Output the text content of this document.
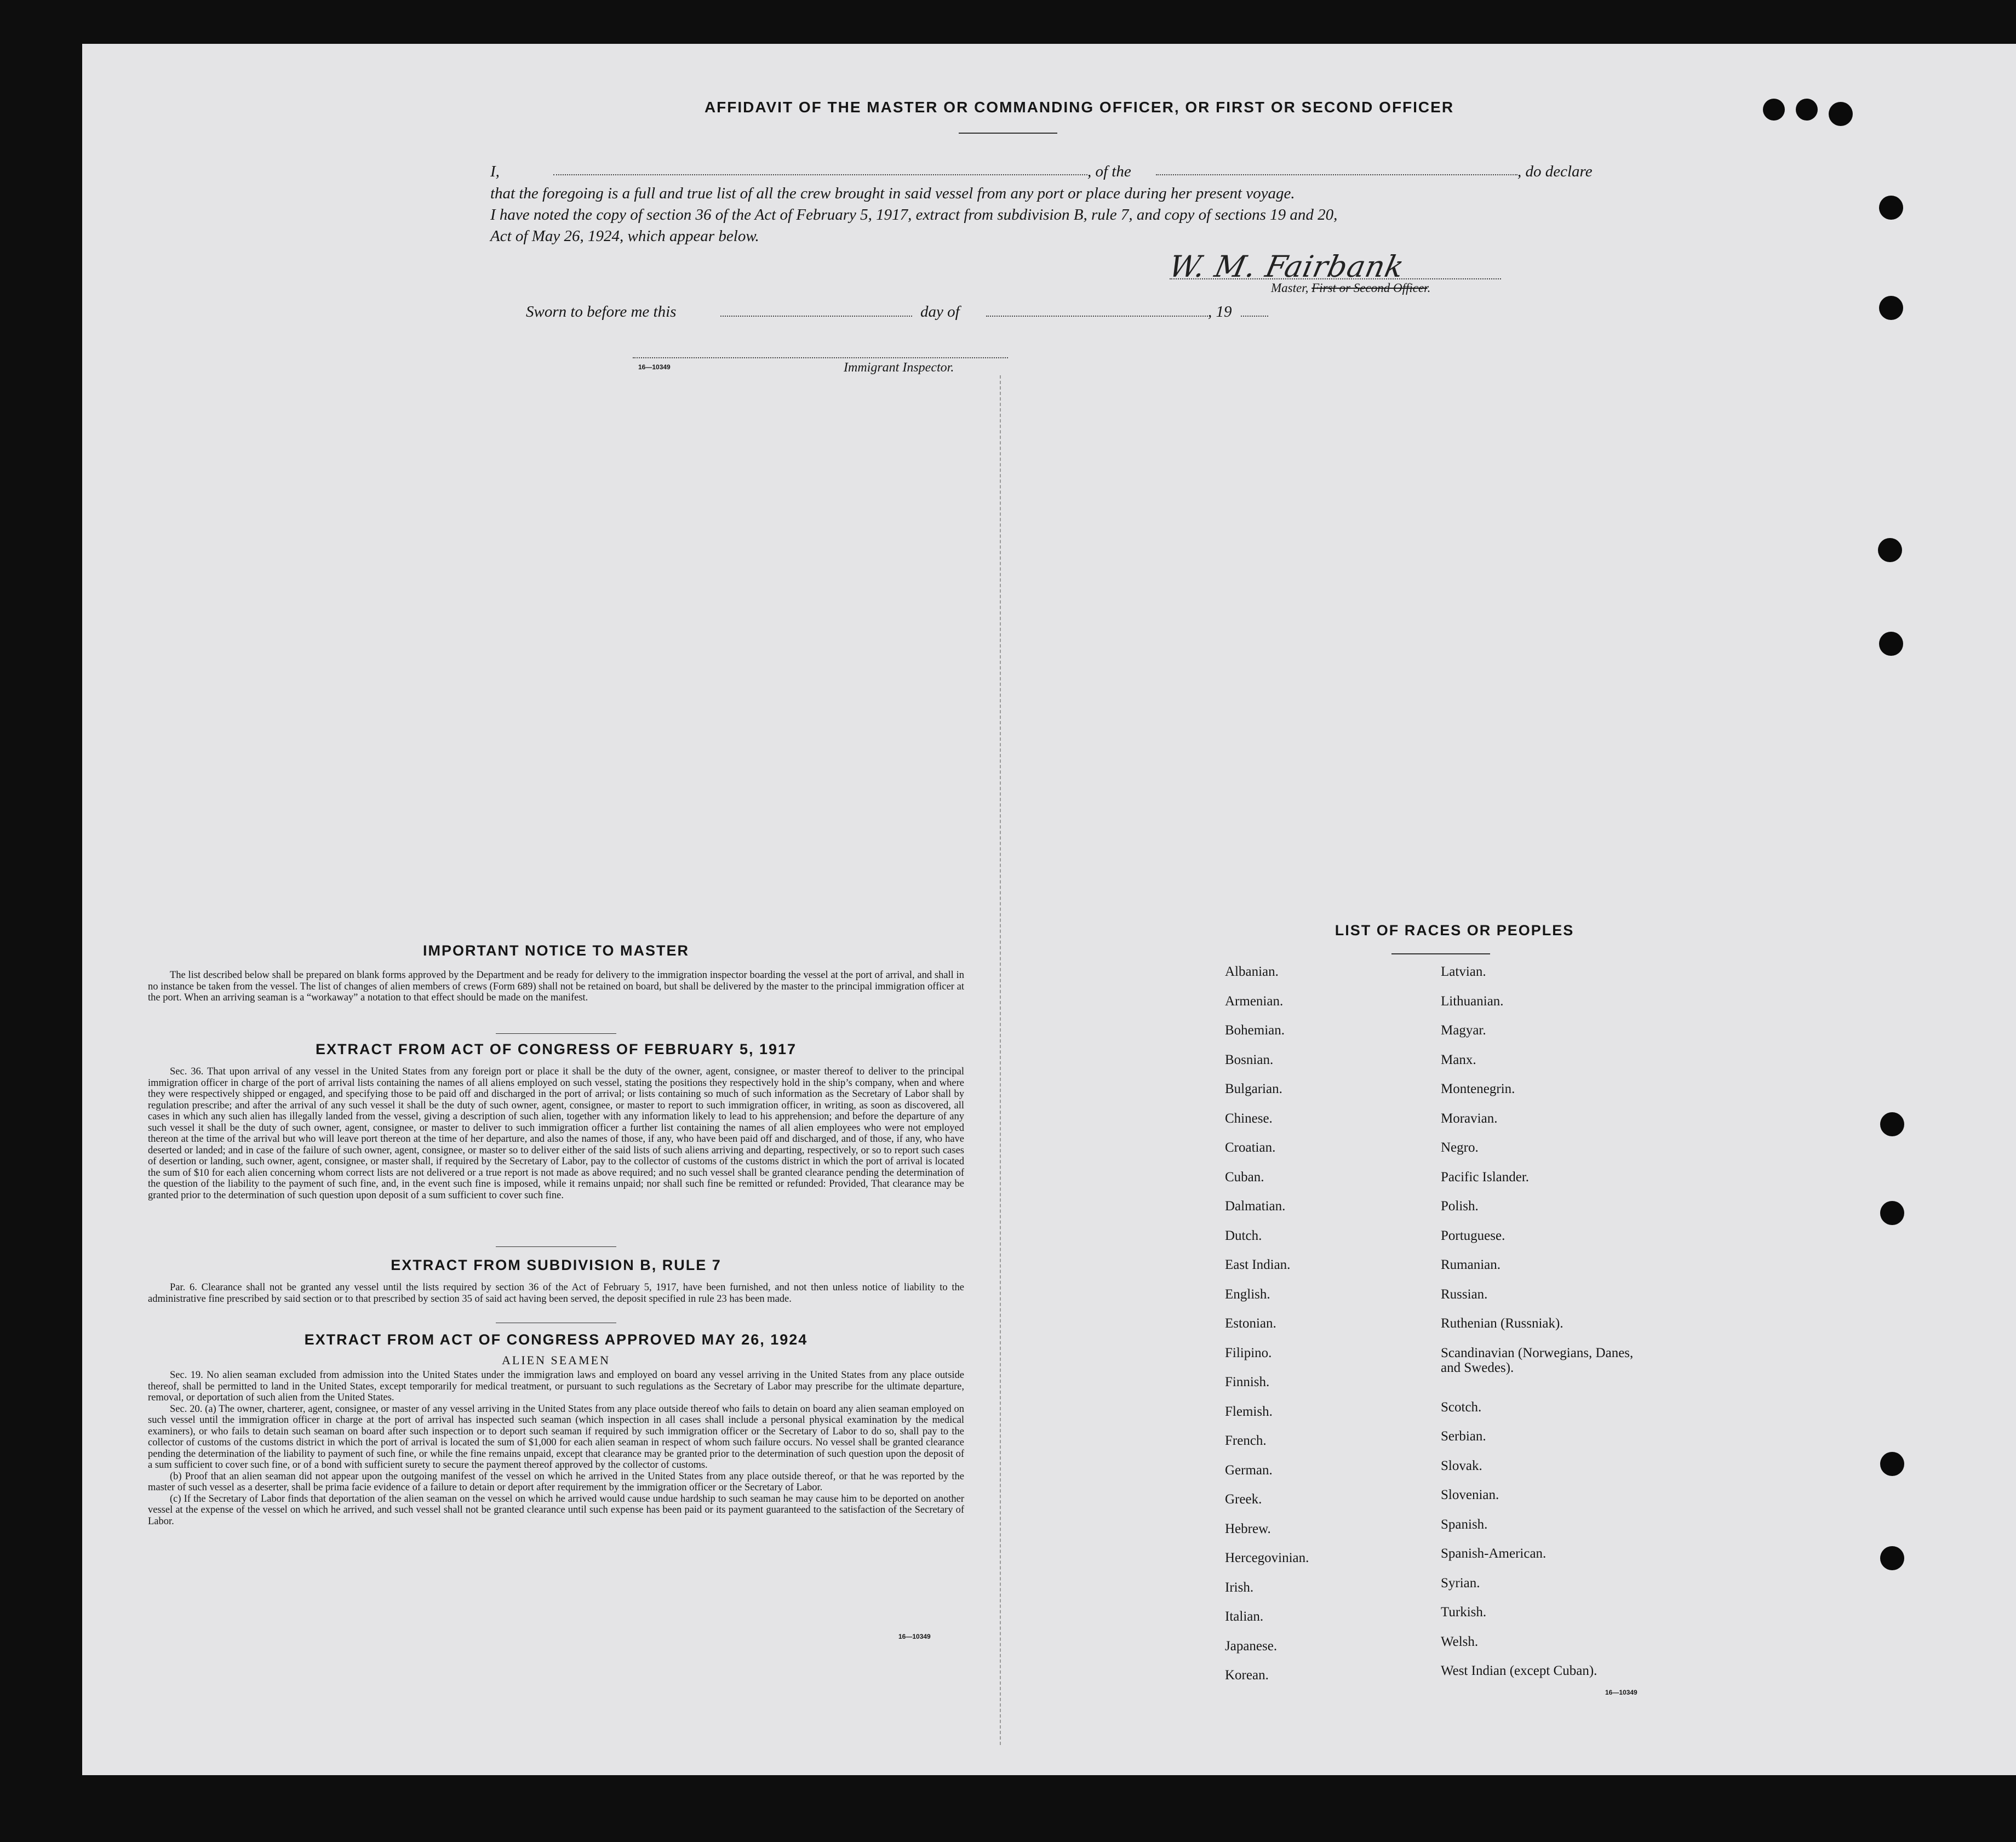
AFFIDAVIT OF THE MASTER OR COMMANDING OFFICER, OR FIRST OR SECOND OFFICER
I,	, of the	, do declare
that the foregoing is a full and true list of all the crew brought in said vessel from any port or place during her present voyage.
I have noted the copy of section 36 of the Act of February 5, 1917, extract from subdivision B, rule 7, and copy of sections 19 and 20,
Act of May 26, 1924, which appear below.
W. M. Fairbank
Master, First or Second Officer.
Sworn to before me this	day of	, 19
16—10349	Immigrant Inspector.
IMPORTANT NOTICE TO MASTER

The list described below shall be prepared on blank forms approved by the Department and be ready for delivery to the immigration inspector boarding the vessel at the port of arrival, and shall in no instance be taken from the vessel. The list of changes of alien members of crews (Form 689) shall not be retained on board, but shall be delivered by the master to the principal immigration officer at the port. When an arriving seaman is a “workaway” a notation to that effect should be made on the manifest.

EXTRACT FROM ACT OF CONGRESS OF FEBRUARY 5, 1917

Sec. 36. That upon arrival of any vessel in the United States from any foreign port or place it shall be the duty of the owner, agent, consignee, or master thereof to deliver to the principal immigration officer in charge of the port of arrival lists containing the names of all aliens employed on such vessel, stating the positions they respectively hold in the ship’s company, when and where they were respectively shipped or engaged, and specifying those to be paid off and discharged in the port of arrival; or lists containing so much of such information as the Secretary of Labor shall by regulation prescribe; and after the arrival of any such vessel it shall be the duty of such owner, agent, consignee, or master to report to such immigration officer, in writing, as soon as discovered, all cases in which any such alien has illegally landed from the vessel, giving a description of such alien, together with any information likely to lead to his apprehension; and before the departure of any such vessel it shall be the duty of such owner, agent, consignee, or master to deliver to such immigration officer a further list containing the names of all alien employees who were not employed thereon at the time of the arrival but who will leave port thereon at the time of her departure, and also the names of those, if any, who have been paid off and discharged, and of those, if any, who have deserted or landed; and in case of the failure of such owner, agent, consignee, or master so to deliver either of the said lists of such aliens arriving and departing, respectively, or so to report such cases of desertion or landing, such owner, agent, consignee, or master shall, if required by the Secretary of Labor, pay to the collector of customs of the customs district in which the port of arrival is located the sum of $10 for each alien concerning whom correct lists are not delivered or a true report is not made as above required; and no such vessel shall be granted clearance pending the determination of the question of the liability to the payment of such fine, and, in the event such fine is imposed, while it remains unpaid; nor shall such fine be remitted or refunded: Provided, That clearance may be granted prior to the determination of such question upon deposit of a sum sufficient to cover such fine.

EXTRACT FROM SUBDIVISION B, RULE 7

Par. 6. Clearance shall not be granted any vessel until the lists required by section 36 of the Act of February 5, 1917, have been furnished, and not then unless notice of liability to the administrative fine prescribed by said section or to that prescribed by section 35 of said act having been served, the deposit specified in rule 23 has been made.

EXTRACT FROM ACT OF CONGRESS APPROVED MAY 26, 1924
ALIEN SEAMEN

Sec. 19. No alien seaman excluded from admission into the United States under the immigration laws and employed on board any vessel arriving in the United States from any place outside thereof, shall be permitted to land in the United States, except temporarily for medical treatment, or pursuant to such regulations as the Secretary of Labor may prescribe for the ultimate departure, removal, or deportation of such alien from the United States.

Sec. 20. (a) The owner, charterer, agent, consignee, or master of any vessel arriving in the United States from any place outside thereof who fails to detain on board any alien seaman employed on such vessel until the immigration officer in charge at the port of arrival has inspected such seaman (which inspection in all cases shall include a personal physical examination by the medical examiners), or who fails to detain such seaman on board after such inspection or to deport such seaman if required by such immigration officer or the Secretary of Labor to do so, shall pay to the collector of customs of the customs district in which the port of arrival is located the sum of $1,000 for each alien seaman in respect of whom such failure occurs. No vessel shall be granted clearance pending the determination of the liability to payment of such fine, or while the fine remains unpaid, except that clearance may be granted prior to the determination of such question upon the deposit of a sum sufficient to cover such fine, or of a bond with sufficient surety to secure the payment thereof approved by the collector of customs.

(b) Proof that an alien seaman did not appear upon the outgoing manifest of the vessel on which he arrived in the United States from any place outside thereof, or that he was reported by the master of such vessel as a deserter, shall be prima facie evidence of a failure to detain or deport after requirement by the immigration officer or the Secretary of Labor.

(c) If the Secretary of Labor finds that deportation of the alien seaman on the vessel on which he arrived would cause undue hardship to such seaman he may cause him to be deported on another vessel at the expense of the vessel on which he arrived, and such vessel shall not be granted clearance until such expense has been paid or its payment guaranteed to the satisfaction of the Secretary of Labor.

16—10349
LIST OF RACES OR PEOPLES
16—10349
Albanian.
Armenian.
Bohemian.
Bosnian.
Bulgarian.
Chinese.
Croatian.
Cuban.
Dalmatian.
Dutch.
East Indian.
English.
Estonian.
Filipino.
Finnish.
Flemish.
French.
German.
Greek.
Hebrew.
Hercegovinian.
Irish.
Italian.
Japanese.
Korean.
Latvian.
Lithuanian.
Magyar.
Manx.
Montenegrin.
Moravian.
Negro.
Pacific Islander.
Polish.
Portuguese.
Rumanian.
Russian.
Ruthenian (Russniak).
Scandinavian (Norwegians, Danes, and Swedes).
Scotch.
Serbian.
Slovak.
Slovenian.
Spanish.
Spanish-American.
Syrian.
Turkish.
Welsh.
West Indian (except Cuban).
